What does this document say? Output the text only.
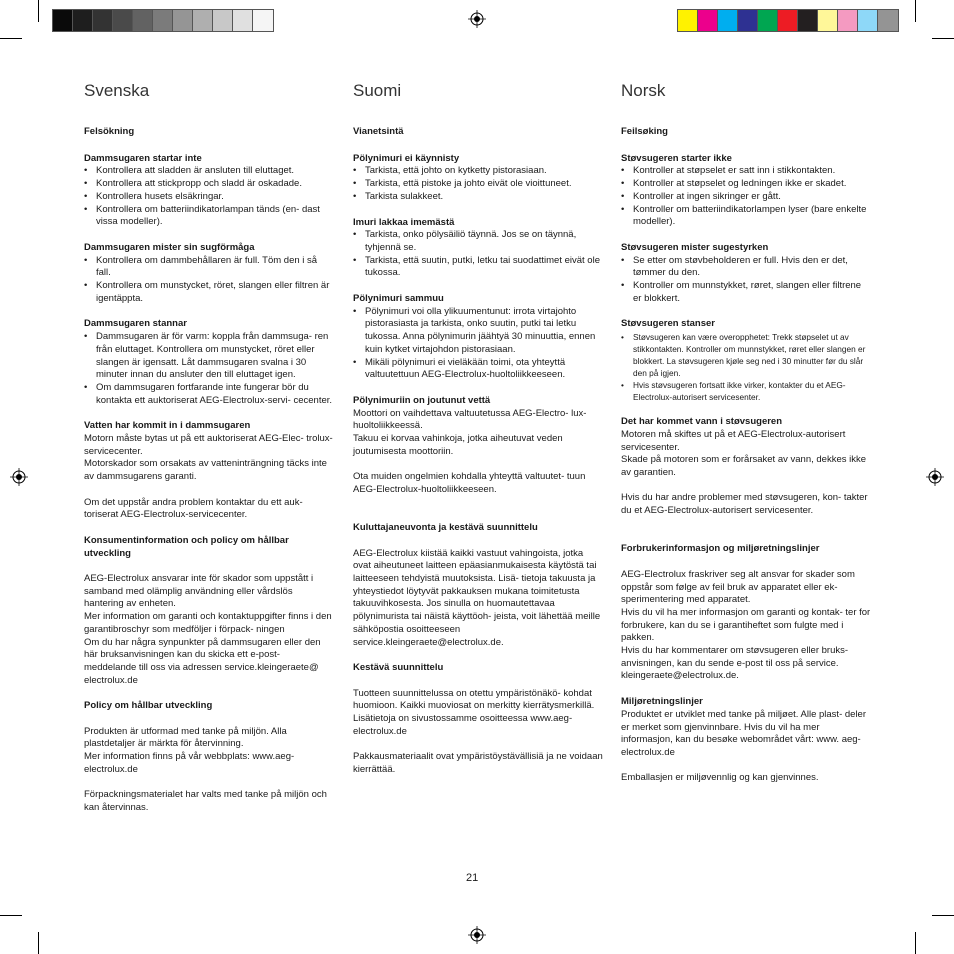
Svenska
Felsökning
Dammsugaren startar inte
• Kontrollera att sladden är ansluten till eluttaget.
• Kontrollera att stickpropp och sladd är oskadade.
• Kontrollera husets elsäkringar.
• Kontrollera om batteriindikatorlampan tänds (en- dast vissa modeller).
Dammsugaren mister sin sugförmåga
• Kontrollera om dammbehållaren är full. Töm den i så fall.
• Kontrollera om munstycket, röret, slangen eller filtren är igentäppta.
Dammsugaren stannar
• Dammsugaren är för varm: koppla från dammsuga- ren från eluttaget. Kontrollera om munstycket, röret eller slangen är igensatt. Låt dammsugaren svalna i 30 minuter innan du ansluter den till eluttaget igen.
• Om dammsugaren fortfarande inte fungerar bör du kontakta ett auktoriserat AEG-Electrolux-servi- cecenter.
Vatten har kommit in i dammsugaren

Motorn måste bytas ut på ett auktoriserat AEG-Elec- trolux-servicecenter.

Motorskador som orsakats av vatteninträngning täcks inte av dammsugarens garanti.

Om det uppstår andra problem kontaktar du ett auk- toriserat AEG-Electrolux-servicecenter.

Konsumentinformation och policy om hållbar utveckling

AEG-Electrolux ansvarar inte för skador som uppstått i samband med olämplig användning eller vårdslös hantering av enheten.

Mer information om garanti och kontaktuppgifter finns i den garantibroschyr som medföljer i förpack- ningen

Om du har några synpunkter på dammsugaren eller den här bruksanvisningen kan du skicka ett e-post- meddelande till oss via adressen service.kleingeraete@ electrolux.de

Policy om hållbar utveckling

Produkten är utformad med tanke på miljön. Alla plastdetaljer är märkta för återvinning.

Mer information finns på vår webbplats: www.aeg- electrolux.de

Förpackningsmaterialet har valts med tanke på miljön och kan återvinnas.

Suomi
Vianetsintä
Pölynimuri ei käynnisty
• Tarkista, että johto on kytketty pistorasiaan.
• Tarkista, että pistoke ja johto eivät ole vioittuneet.
• Tarkista sulakkeet.
Imuri lakkaa imemästä
• Tarkista, onko pölysäiliö täynnä. Jos se on täynnä, tyhjennä se.
• Tarkista, että suutin, putki, letku tai suodattimet eivät ole tukossa.
Pölynimuri sammuu
• Pölynimuri voi olla ylikuumentunut: irrota virtajohto pistorasiasta ja tarkista, onko suutin, putki tai letku tukossa. Anna pölynimurin jäähtyä 30 minuuttia, ennen kuin kytket virtajohdon pistorasiaan.
• Mikäli pölynimuri ei vieläkään toimi, ota yhteyttä valtuutettuun AEG-Electrolux-huoltoliikkeeseen.
Pölynimuriin on joutunut vettä

Moottori on vaihdettava valtuutetussa AEG-Electro- lux-huoltoliikkeessä.

Takuu ei korvaa vahinkoja, jotka aiheutuvat veden joutumisesta moottoriin.

Ota muiden ongelmien kohdalla yhteyttä valtuutet- tuun AEG-Electrolux-huoltoliikkeeseen.

Kuluttajaneuvonta ja kestävä suunnittelu

AEG-Electrolux kiistää kaikki vastuut vahingoista, jotka ovat aiheutuneet laitteen epäasianmukaisesta käytöstä tai laitteeseen tehdyistä muutoksista. Lisä- tietoja takuusta ja yhteystiedot löytyvät pakkauksen mukana toimitetusta takuuvihkosesta. Jos sinulla on huomautettavaa pölynimurista tai näistä käyttöoh- jeista, voit lähettää meille sähköpostia osoitteeseen service.kleingeraete@electrolux.de.

Kestävä suunnittelu

Tuotteen suunnittelussa on otettu ympäristönäkö- kohdat huomioon. Kaikki muoviosat on merkitty kierrätysmerkillä. Lisätietoja on sivustossamme osoitteessa www.aeg-electrolux.de

Pakkausmateriaalit ovat ympäristöystävällisiä ja ne voidaan kierrättää.

Norsk
Feilsøking
Støvsugeren starter ikke
• Kontroller at støpselet er satt inn i stikkontakten.
• Kontroller at støpselet og ledningen ikke er skadet.
• Kontroller at ingen sikringer er gått.
• Kontroller om batteriindikatorlampen lyser (bare enkelte modeller).
Støvsugeren mister sugestyrken
• Se etter om støvbeholderen er full. Hvis den er det, tømmer du den.
• Kontroller om munnstykket, røret, slangen eller filtrene er blokkert.
Støvsugeren stanser
• Støvsugeren kan være overopphetet: Trekk støpselet ut av stikkontakten. Kontroller om munnstykket, røret eller slangen er blokkert. La støvsugeren kjøle seg ned i 30 minutter før du slår den på igjen.
• Hvis støvsugeren fortsatt ikke virker, kontakter du et AEG-Electrolux-autorisert servicesenter.
Det har kommet vann i støvsugeren

Motoren må skiftes ut på et AEG-Electrolux-autorisert servicesenter.

Skade på motoren som er forårsaket av vann, dekkes ikke av garantien.

Hvis du har andre problemer med støvsugeren, kon- takter du et AEG-Electrolux-autorisert servicesenter.

Forbrukerinformasjon og miljøretningslinjer

AEG-Electrolux fraskriver seg alt ansvar for skader som oppstår som følge av feil bruk av apparatet eller ek- sperimentering med apparatet.

Hvis du vil ha mer informasjon om garanti og kontak- ter for forbrukere, kan du se i garantiheftet som fulgte med i pakken.

Hvis du har kommentarer om støvsugeren eller bruks- anvisningen, kan du sende e-post til oss på service. kleingeraete@electrolux.de.

Miljøretningslinjer

Produktet er utviklet med tanke på miljøet. Alle plast- deler er merket som gjenvinnbare. Hvis du vil ha mer informasjon, kan du besøke webområdet vårt: www. aeg-electrolux.de

Emballasjen er miljøvennlig og kan gjenvinnes.

21
